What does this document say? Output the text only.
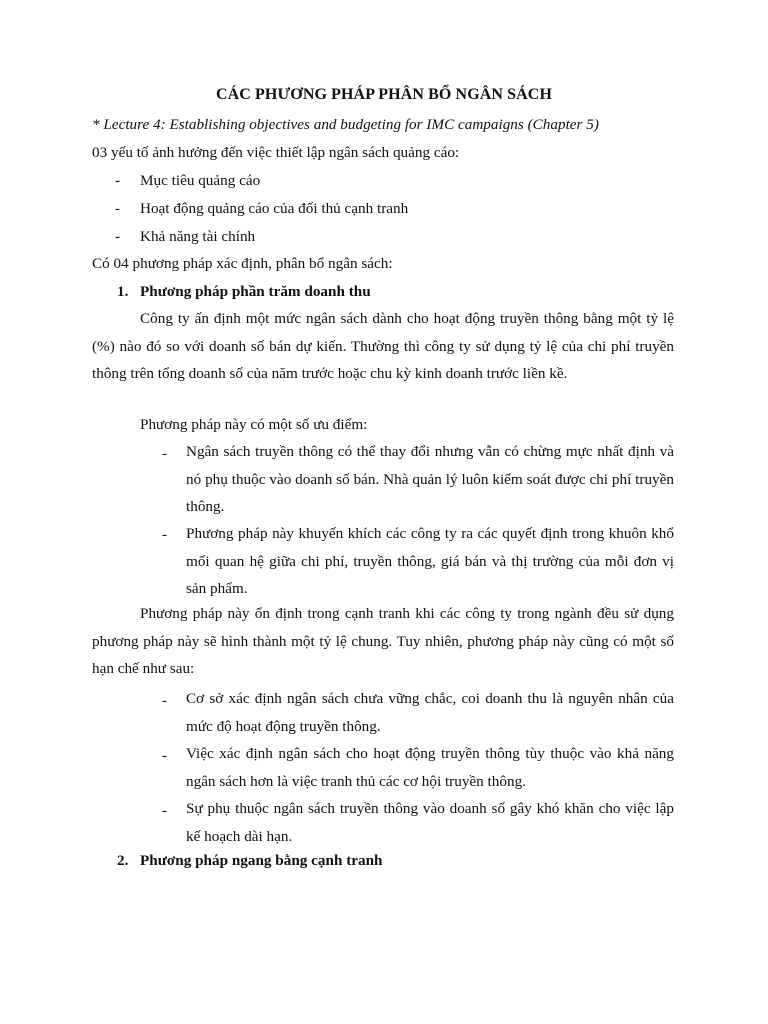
CÁC PHƯƠNG PHÁP PHÂN BỔ NGÂN SÁCH
* Lecture 4: Establishing objectives and budgeting for IMC campaigns (Chapter 5)
03 yếu tố ảnh hưởng đến việc thiết lập ngân sách quảng cáo:
- Mục tiêu quảng cáo
- Hoạt động quảng cáo của đối thủ cạnh tranh
- Khả năng tài chính
Có 04 phương pháp xác định, phân bổ ngân sách:
1. Phương pháp phần trăm doanh thu
Công ty ấn định một mức ngân sách dành cho hoạt động truyền thông bằng một tỷ lệ (%) nào đó so với doanh số bán dự kiến. Thường thì công ty sử dụng tỷ lệ của chi phí truyền thông trên tổng doanh số của năm trước hoặc chu kỳ kinh doanh trước liền kề.
Phương pháp này có một số ưu điểm:
- Ngân sách truyền thông có thể thay đổi nhưng vẫn có chừng mực nhất định và nó phụ thuộc vào doanh số bán. Nhà quản lý luôn kiểm soát được chi phí truyền thông.
- Phương pháp này khuyến khích các công ty ra các quyết định trong khuôn khổ mối quan hệ giữa chi phí, truyền thông, giá bán và thị trường của mỗi đơn vị sản phẩm.
Phương pháp này ổn định trong cạnh tranh khi các công ty trong ngành đều sử dụng phương pháp này sẽ hình thành một tỷ lệ chung. Tuy nhiên, phương pháp này cũng có một số hạn chế như sau:
- Cơ sở xác định ngân sách chưa vững chắc, coi doanh thu là nguyên nhân của mức độ hoạt động truyền thông.
- Việc xác định ngân sách cho hoạt động truyền thông tùy thuộc vào khả năng ngân sách hơn là việc tranh thủ các cơ hội truyền thông.
- Sự phụ thuộc ngân sách truyền thông vào doanh số gây khó khăn cho việc lập kế hoạch dài hạn.
2. Phương pháp ngang bằng cạnh tranh
